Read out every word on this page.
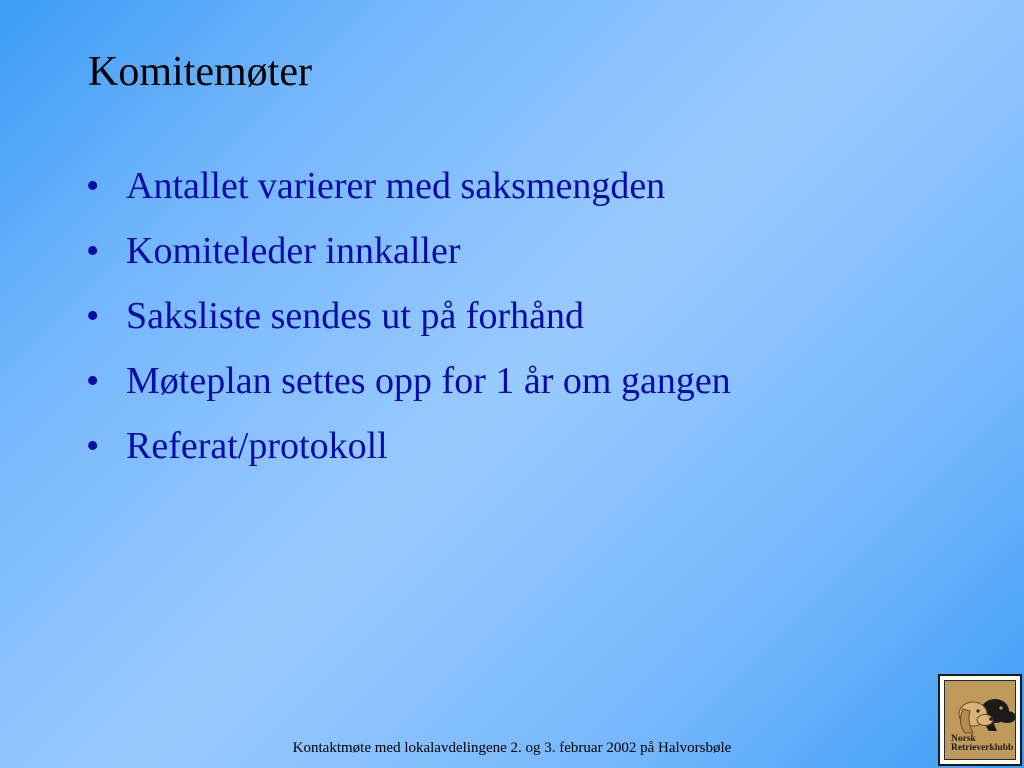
Komitemøter
• Antallet varierer med saksmengden
• Komiteleder innkaller
• Saksliste sendes ut på forhånd
• Møteplan settes opp for 1 år om gangen
• Referat/protokoll
Kontaktmøte med lokalavdelingene 2. og 3. februar 2002 på Halvorsbøle
Norsk
Retrieverklubb
